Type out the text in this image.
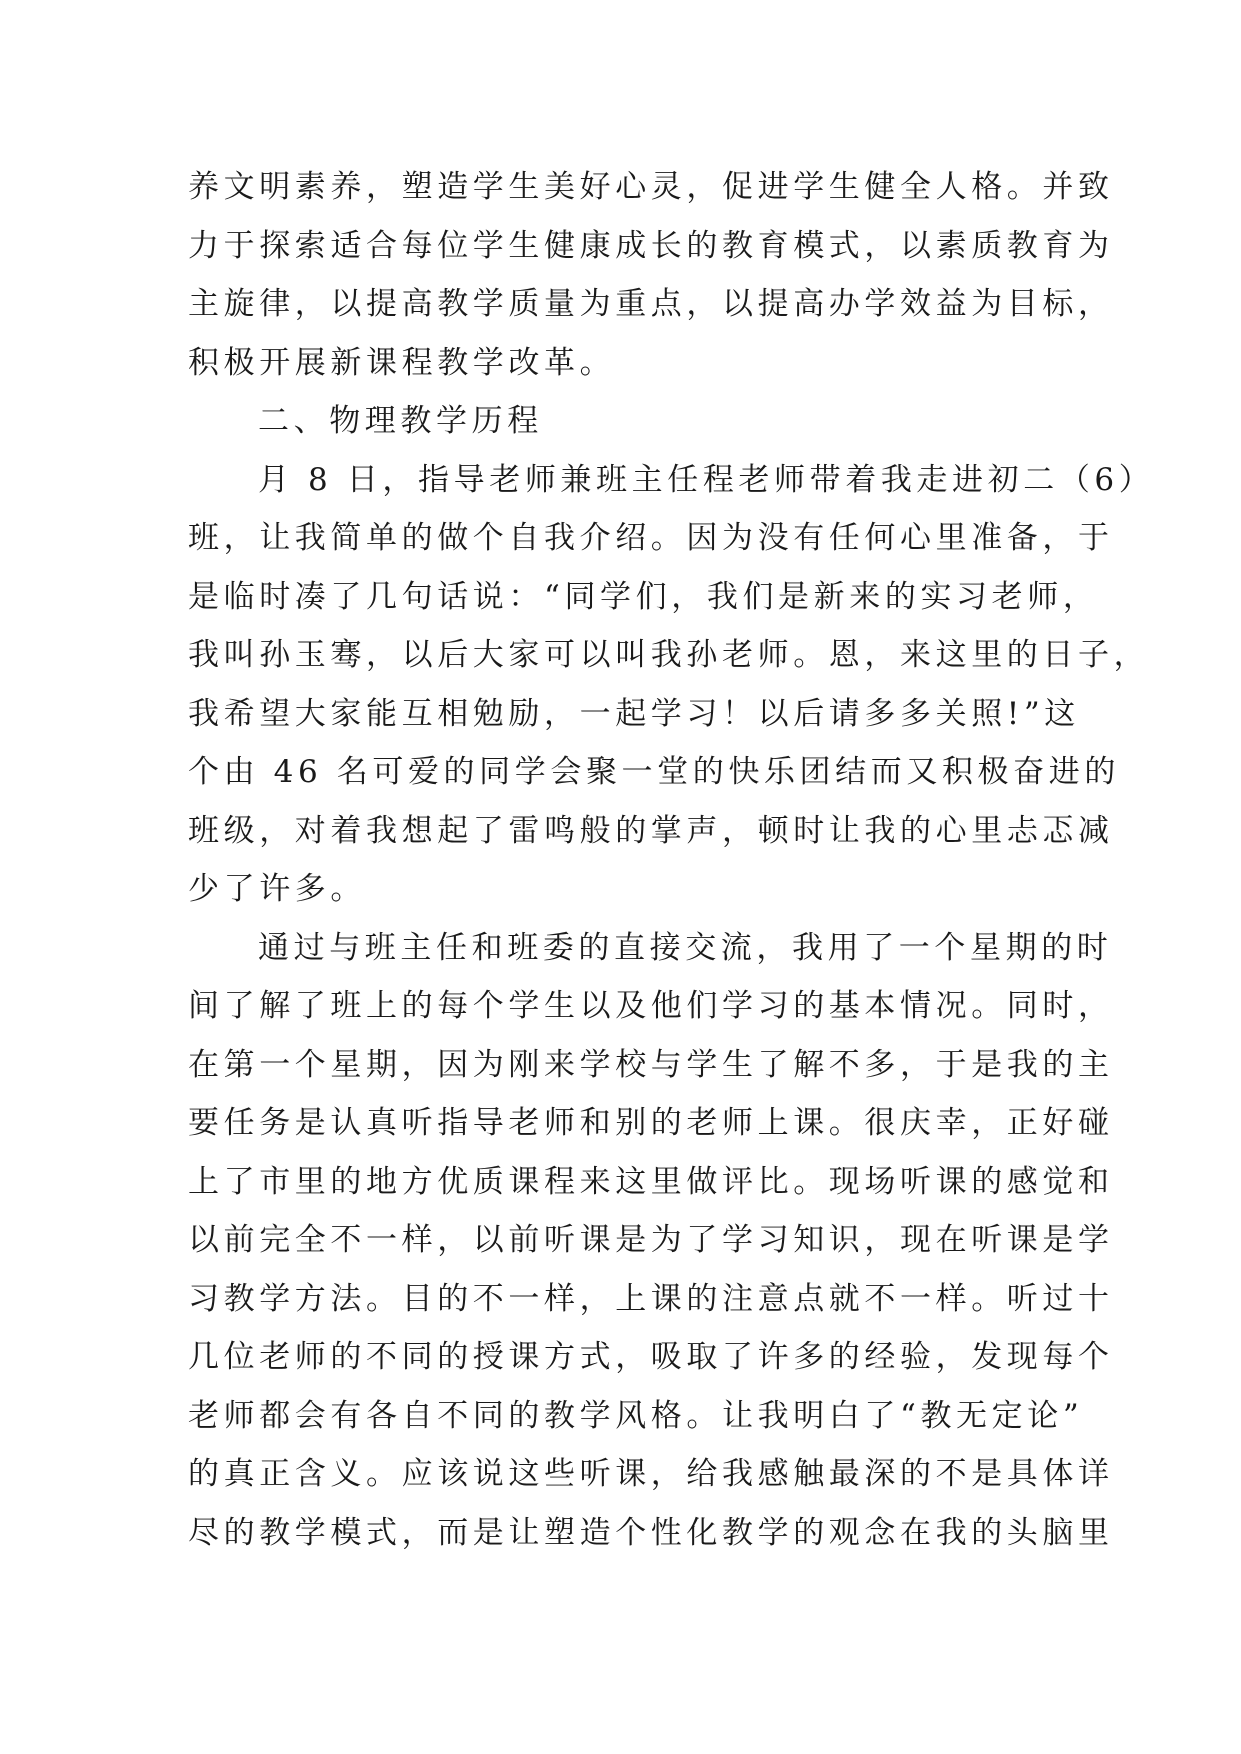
养文明素养，塑造学生美好心灵，促进学生健全人格。并致
力于探索适合每位学生健康成长的教育模式，以素质教育为
主旋律，以提高教学质量为重点，以提高办学效益为目标，
积极开展新课程教学改革。
二、物理教学历程
月 8 日，指导老师兼班主任程老师带着我走进初二（6）
班，让我简单的做个自我介绍。因为没有任何心里准备，于
是临时凑了几句话说：“同学们，我们是新来的实习老师，
我叫孙玉骞，以后大家可以叫我孙老师。恩，来这里的日子，
我希望大家能互相勉励，一起学习！以后请多多关照!”这
个由 46 名可爱的同学会聚一堂的快乐团结而又积极奋进的
班级，对着我想起了雷鸣般的掌声，顿时让我的心里忐忑减
少了许多。
通过与班主任和班委的直接交流，我用了一个星期的时
间了解了班上的每个学生以及他们学习的基本情况。同时，
在第一个星期，因为刚来学校与学生了解不多，于是我的主
要任务是认真听指导老师和别的老师上课。很庆幸，正好碰
上了市里的地方优质课程来这里做评比。现场听课的感觉和
以前完全不一样，以前听课是为了学习知识，现在听课是学
习教学方法。目的不一样，上课的注意点就不一样。听过十
几位老师的不同的授课方式，吸取了许多的经验，发现每个
老师都会有各自不同的教学风格。让我明白了“教无定论”
的真正含义。应该说这些听课，给我感触最深的不是具体详
尽的教学模式，而是让塑造个性化教学的观念在我的头脑里
